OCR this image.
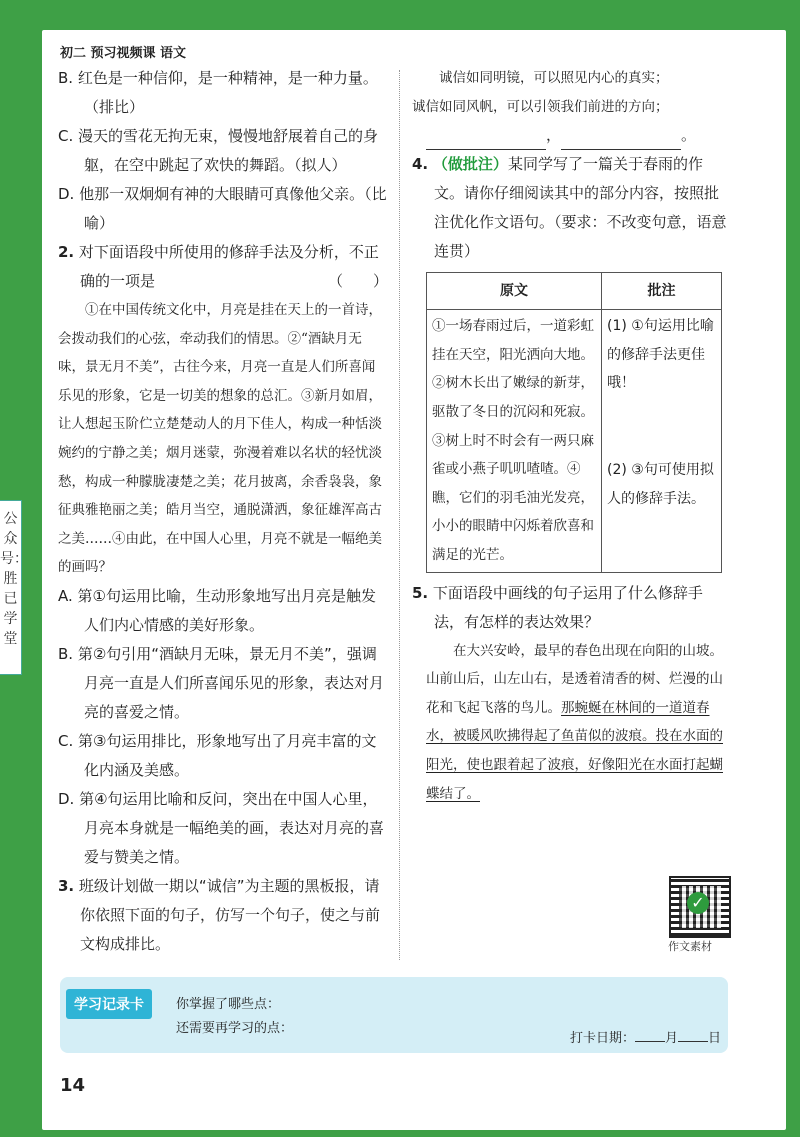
初二 预习视频课 语文
公众号：胜已学堂

B. 红色是一种信仰，是一种精神，是一种力量。（排比）

C. 漫天的雪花无拘无束，慢慢地舒展着自己的身躯，在空中跳起了欢快的舞蹈。（拟人）

D. 他那一双炯炯有神的大眼睛可真像他父亲。（比喻）

2. 对下面语段中所使用的修辞手法及分析，不正确的一项是	（　　）

①在中国传统文化中，月亮是挂在天上的一首诗，会拨动我们的心弦，牵动我们的情思。②“酒缺月无味，景无月不美”，古往今来，月亮一直是人们所喜闻乐见的形象，它是一切美的想象的总汇。③新月如眉，让人想起玉阶伫立楚楚动人的月下佳人，构成一种恬淡婉约的宁静之美；烟月迷蒙，弥漫着难以名状的轻忧淡愁，构成一种朦胧凄楚之美；花月披离，余香袅袅，象征典雅艳丽之美；皓月当空，通脱潇洒，象征雄浑高古之美……④由此，在中国人心里，月亮不就是一幅绝美的画吗？

A. 第①句运用比喻，生动形象地写出月亮是触发人们内心情感的美好形象。

B. 第②句引用“酒缺月无味，景无月不美”，强调月亮一直是人们所喜闻乐见的形象，表达对月亮的喜爱之情。

C. 第③句运用排比，形象地写出了月亮丰富的文化内涵及美感。

D. 第④句运用比喻和反问，突出在中国人心里，月亮本身就是一幅绝美的画，表达对月亮的喜爱与赞美之情。

3. 班级计划做一期以“诚信”为主题的黑板报，请你依照下面的句子，仿写一个句子，使之与前文构成排比。

诚信如同明镜，可以照见内心的真实；

诚信如同风帆，可以引领我们前进的方向；

，	。

4. （做批注）某同学写了一篇关于春雨的作文。请你仔细阅读其中的部分内容，按照批注优化作文语句。（要求：不改变句意，语意连贯）

原文	批注
①一场春雨过后，一道彩虹挂在天空，阳光洒向大地。②树木长出了嫩绿的新芽，驱散了冬日的沉闷和死寂。③树上时不时会有一两只麻雀或小燕子叽叽喳喳。④瞧，它们的羽毛油光发亮，小小的眼睛中闪烁着欣喜和满足的光芒。	(1) ①句运用比喻的修辞手法更佳哦！
(2) ③句可使用拟人的修辞手法。

5. 下面语段中画线的句子运用了什么修辞手法，有怎样的表达效果？

在大兴安岭，最早的春色出现在向阳的山坡。山前山后，山左山右，是透着清香的树、烂漫的山花和飞起飞落的鸟儿。那蜿蜒在林间的一道道春水，被暖风吹拂得起了鱼苗似的波痕。投在水面的阳光，使也跟着起了波痕，好像阳光在水面打起蝴蝶结了。

✓
作文素材
学习记录卡	你掌握了哪些点：
还需要再学习的点：
打卡日期： 月 日
14
